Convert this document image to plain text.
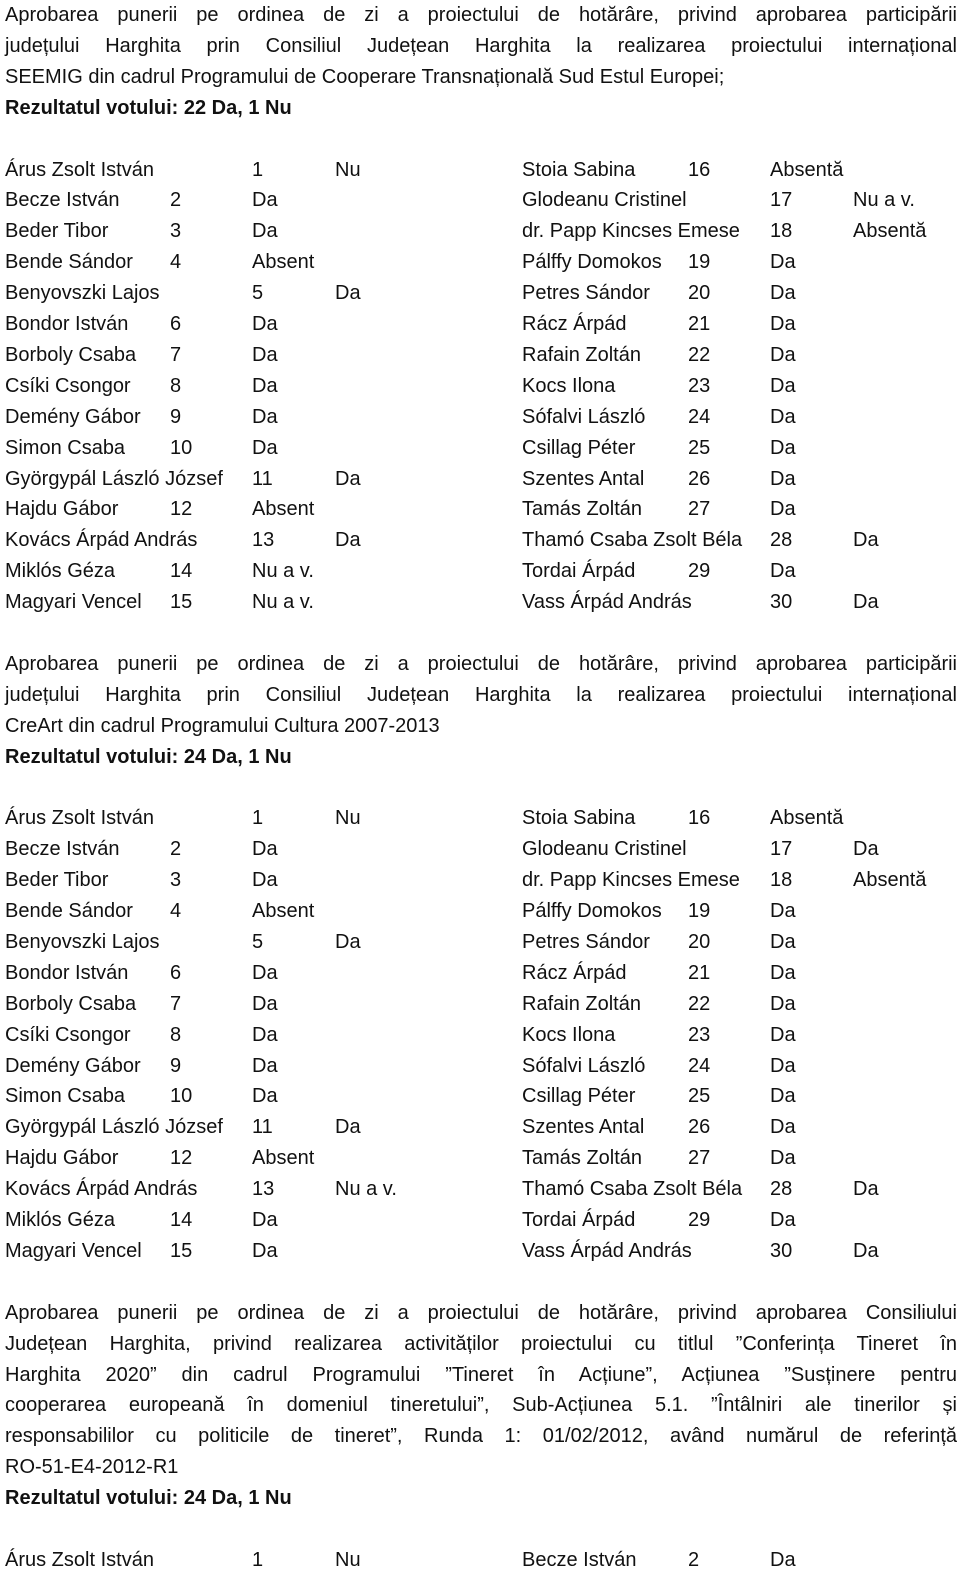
Aprobarea punerii pe ordinea de zi a proiectului de hotărâre, privind aprobarea participării
județului Harghita prin Consiliul Județean Harghita la realizarea proiectului internațional
SEEMIG din cadrul Programului de Cooperare Transnațională Sud Estul Europei;
Rezultatul votului: 22 Da, 1 Nu
Árus Zsolt István	1	Nu	Stoia Sabina	16	Absentă
Becze István	2	Da	Glodeanu Cristinel	17	Nu a v.
Beder Tibor	3	Da	dr. Papp Kincses Emese 18	Absentă
Bende Sándor 4	Absent	Pálffy Domokos 19	Da
Benyovszki Lajos	5	Da	Petres Sándor 20	Da
Bondor István 6	Da	Rácz Árpád	21	Da
Borboly Csaba 7	Da	Rafain Zoltán 22	Da
Csíki Csongor 8	Da	Kocs Ilona	23	Da
Demény Gábor 9	Da	Sófalvi László 24	Da
Simon Csaba 10	Da	Csillag Péter	25	Da
Györgypál László József 11	Da	Szentes Antal 26	Da
Hajdu Gábor	12	Absent	Tamás Zoltán 27	Da
Kovács Árpád András	13	Da	Thamó Csaba Zsolt Béla 28	Da
Miklós Géza	14	Nu a v.	Tordai Árpád	29	Da
Magyari Vencel 15	Nu a v.	Vass Árpád András	30	Da
Aprobarea punerii pe ordinea de zi a proiectului de hotărâre, privind aprobarea participării
județului Harghita prin Consiliul Județean Harghita la realizarea proiectului internațional
CreArt din cadrul Programului Cultura 2007-2013
Rezultatul votului: 24 Da, 1 Nu
Árus Zsolt István	1	Nu	Stoia Sabina	16	Absentă
Becze István	2	Da	Glodeanu Cristinel	17	Da
Beder Tibor	3	Da	dr. Papp Kincses Emese 18	Absentă
Bende Sándor 4	Absent	Pálffy Domokos 19	Da
Benyovszki Lajos	5	Da	Petres Sándor 20	Da
Bondor István 6	Da	Rácz Árpád	21	Da
Borboly Csaba 7	Da	Rafain Zoltán 22	Da
Csíki Csongor 8	Da	Kocs Ilona	23	Da
Demény Gábor 9	Da	Sófalvi László 24	Da
Simon Csaba 10	Da	Csillag Péter	25	Da
Györgypál László József 11	Da	Szentes Antal 26	Da
Hajdu Gábor	12	Absent	Tamás Zoltán 27	Da
Kovács Árpád András	13	Nu a v.	Thamó Csaba Zsolt Béla 28	Da
Miklós Géza	14	Da	Tordai Árpád	29	Da
Magyari Vencel 15	Da	Vass Árpád András	30	Da
Aprobarea punerii pe ordinea de zi a proiectului de hotărâre, privind aprobarea Consiliului
Județean Harghita, privind realizarea activităților proiectului cu titlul ”Conferința Tineret în
Harghita 2020” din cadrul Programului ”Tineret în Acțiune”, Acțiunea ”Susținere pentru
cooperarea europeană în domeniul tineretului”, Sub-Acțiunea 5.1. ”Întâlniri ale tinerilor și
responsabililor cu politicile de tineret”, Runda 1: 01/02/2012, având numărul de referință
RO-51-E4-2012-R1
Rezultatul votului: 24 Da, 1 Nu
Árus Zsolt István	1	Nu	Becze István	2	Da
